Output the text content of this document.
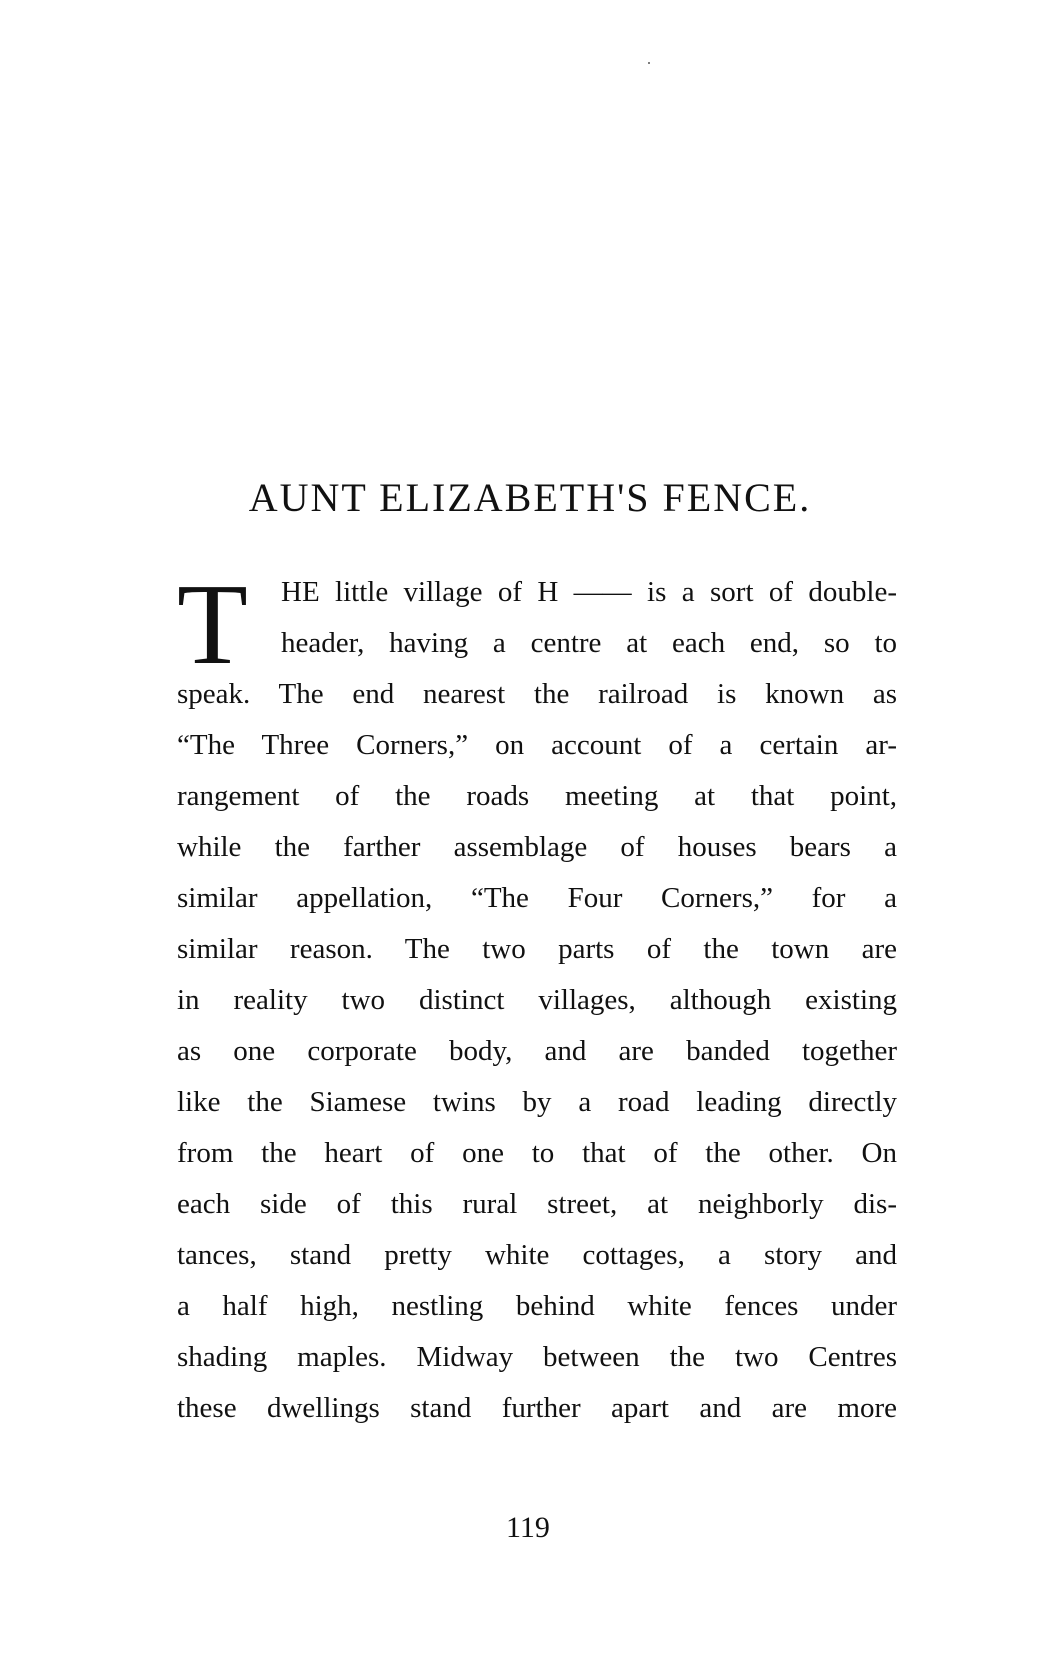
AUNT ELIZABETH'S FENCE.
T	HE little village of H —— is a sort of double-
header, having a centre at each end, so to
speak. The end nearest the railroad is known as
“The Three Corners,” on account of a certain ar-
rangement of the roads meeting at that point,
while the farther assemblage of houses bears a
similar appellation, “The Four Corners,” for a
similar reason. The two parts of the town are
in reality two distinct villages, although existing
as one corporate body, and are banded together
like the Siamese twins by a road leading directly
from the heart of one to that of the other. On
each side of this rural street, at neighborly dis-
tances, stand pretty white cottages, a story and
a half high, nestling behind white fences under
shading maples. Midway between the two Centres
these dwellings stand further apart and are more
119
